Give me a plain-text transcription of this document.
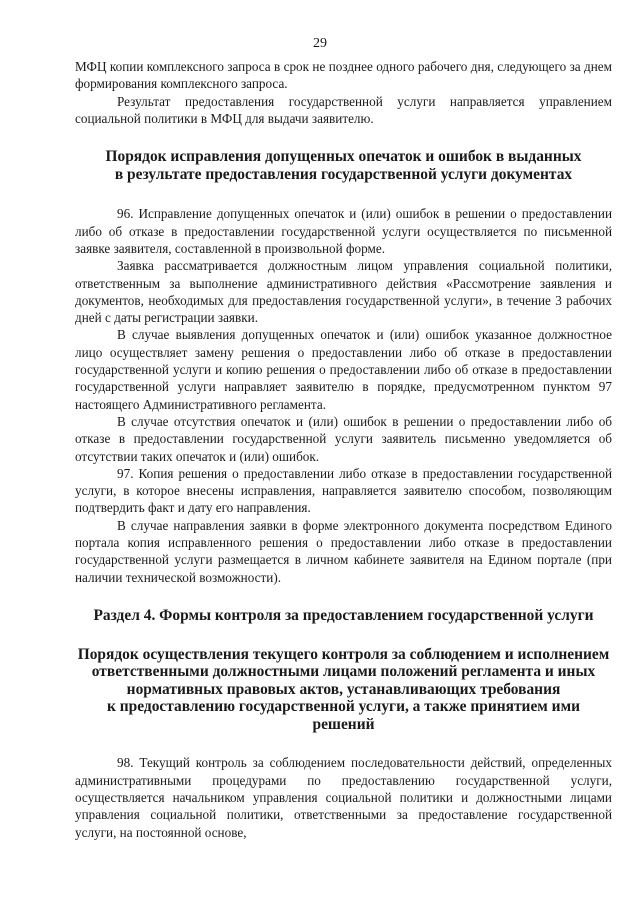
29

МФЦ копии комплексного запроса в срок не позднее одного рабочего дня, следующего за днем формирования комплексного запроса.

Результат предоставления государственной услуги направляется управлением социальной политики в МФЦ для выдачи заявителю.

Порядок исправления допущенных опечаток и ошибок в выданных
в результате предоставления государственной услуги документах

96. Исправление допущенных опечаток и (или) ошибок в решении о предоставлении либо об отказе в предоставлении государственной услуги осуществляется по письменной заявке заявителя, составленной в произвольной форме.

Заявка рассматривается должностным лицом управления социальной политики, ответственным за выполнение административного действия «Рассмотрение заявления и документов, необходимых для предоставления государственной услуги», в течение 3 рабочих дней с даты регистрации заявки.

В случае выявления допущенных опечаток и (или) ошибок указанное должностное лицо осуществляет замену решения о предоставлении либо об отказе в предоставлении государственной услуги и копию решения о предоставлении либо об отказе в предоставлении государственной услуги направляет заявителю в порядке, предусмотренном пунктом 97 настоящего Административного регламента.

В случае отсутствия опечаток и (или) ошибок в решении о предоставлении либо об отказе в предоставлении государственной услуги заявитель письменно уведомляется об отсутствии таких опечаток и (или) ошибок.

97. Копия решения о предоставлении либо отказе в предоставлении государственной услуги, в которое внесены исправления, направляется заявителю способом, позволяющим подтвердить факт и дату его направления.

В случае направления заявки в форме электронного документа посредством Единого портала копия исправленного решения о предоставлении либо отказе в предоставлении государственной услуги размещается в личном кабинете заявителя на Едином портале (при наличии технической возможности).

Раздел 4. Формы контроля за предоставлением государственной услуги
Порядок осуществления текущего контроля за соблюдением и исполнением
ответственными должностными лицами положений регламента и иных
нормативных правовых актов, устанавливающих требования
к предоставлению государственной услуги, а также принятием ими решений

98. Текущий контроль за соблюдением последовательности действий, определенных административными процедурами по предоставлению государственной услуги, осуществляется начальником управления социальной политики и должностными лицами управления социальной политики, ответственными за предоставление государственной услуги, на постоянной основе,
